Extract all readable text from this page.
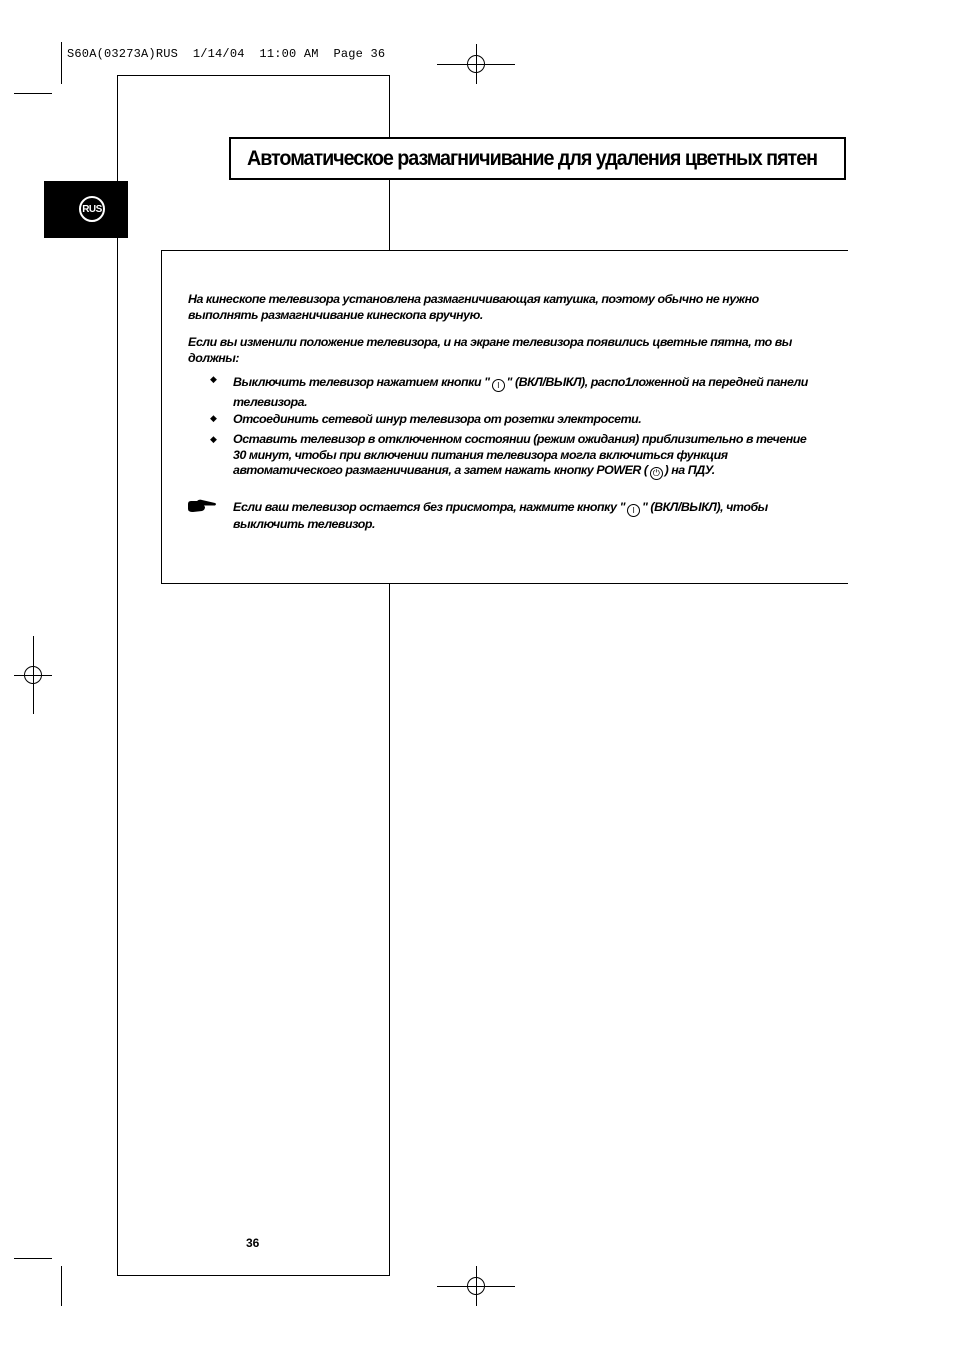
S60A(03273A)RUS  1/14/04  11:00 AM  Page 36
RUS
Автоматическое размагничивание для удаления цветных пятен
На кинескопе телевизора установлена размагничивающая катушка, поэтому обычно не нужно выполнять размагничивание кинескопа вручную.
Если вы изменили положение телевизора, и на экране телевизора появились цветные пятна, то вы должны:
◆ Выключить телевизор нажатием кнопки " ⏽ " (ВКЛ/ВЫКЛ), распо1ложенной на передней панели телевизора.
◆ Отсоединить сетевой шнур телевизора от розетки электросети.
◆ Оставить телевизор в отключенном состоянии (режим ожидания) приблизительно в течение 30 минут, чтобы при включении питания телевизора могла включиться функция автоматического размагничивания, а затем нажать кнопку POWER ( ⏻ ) на ПДУ.
Если ваш телевизор остается без присмотра, нажмите кнопку " ⏽ " (ВКЛ/ВЫКЛ), чтобы выключить телевизор.
36
